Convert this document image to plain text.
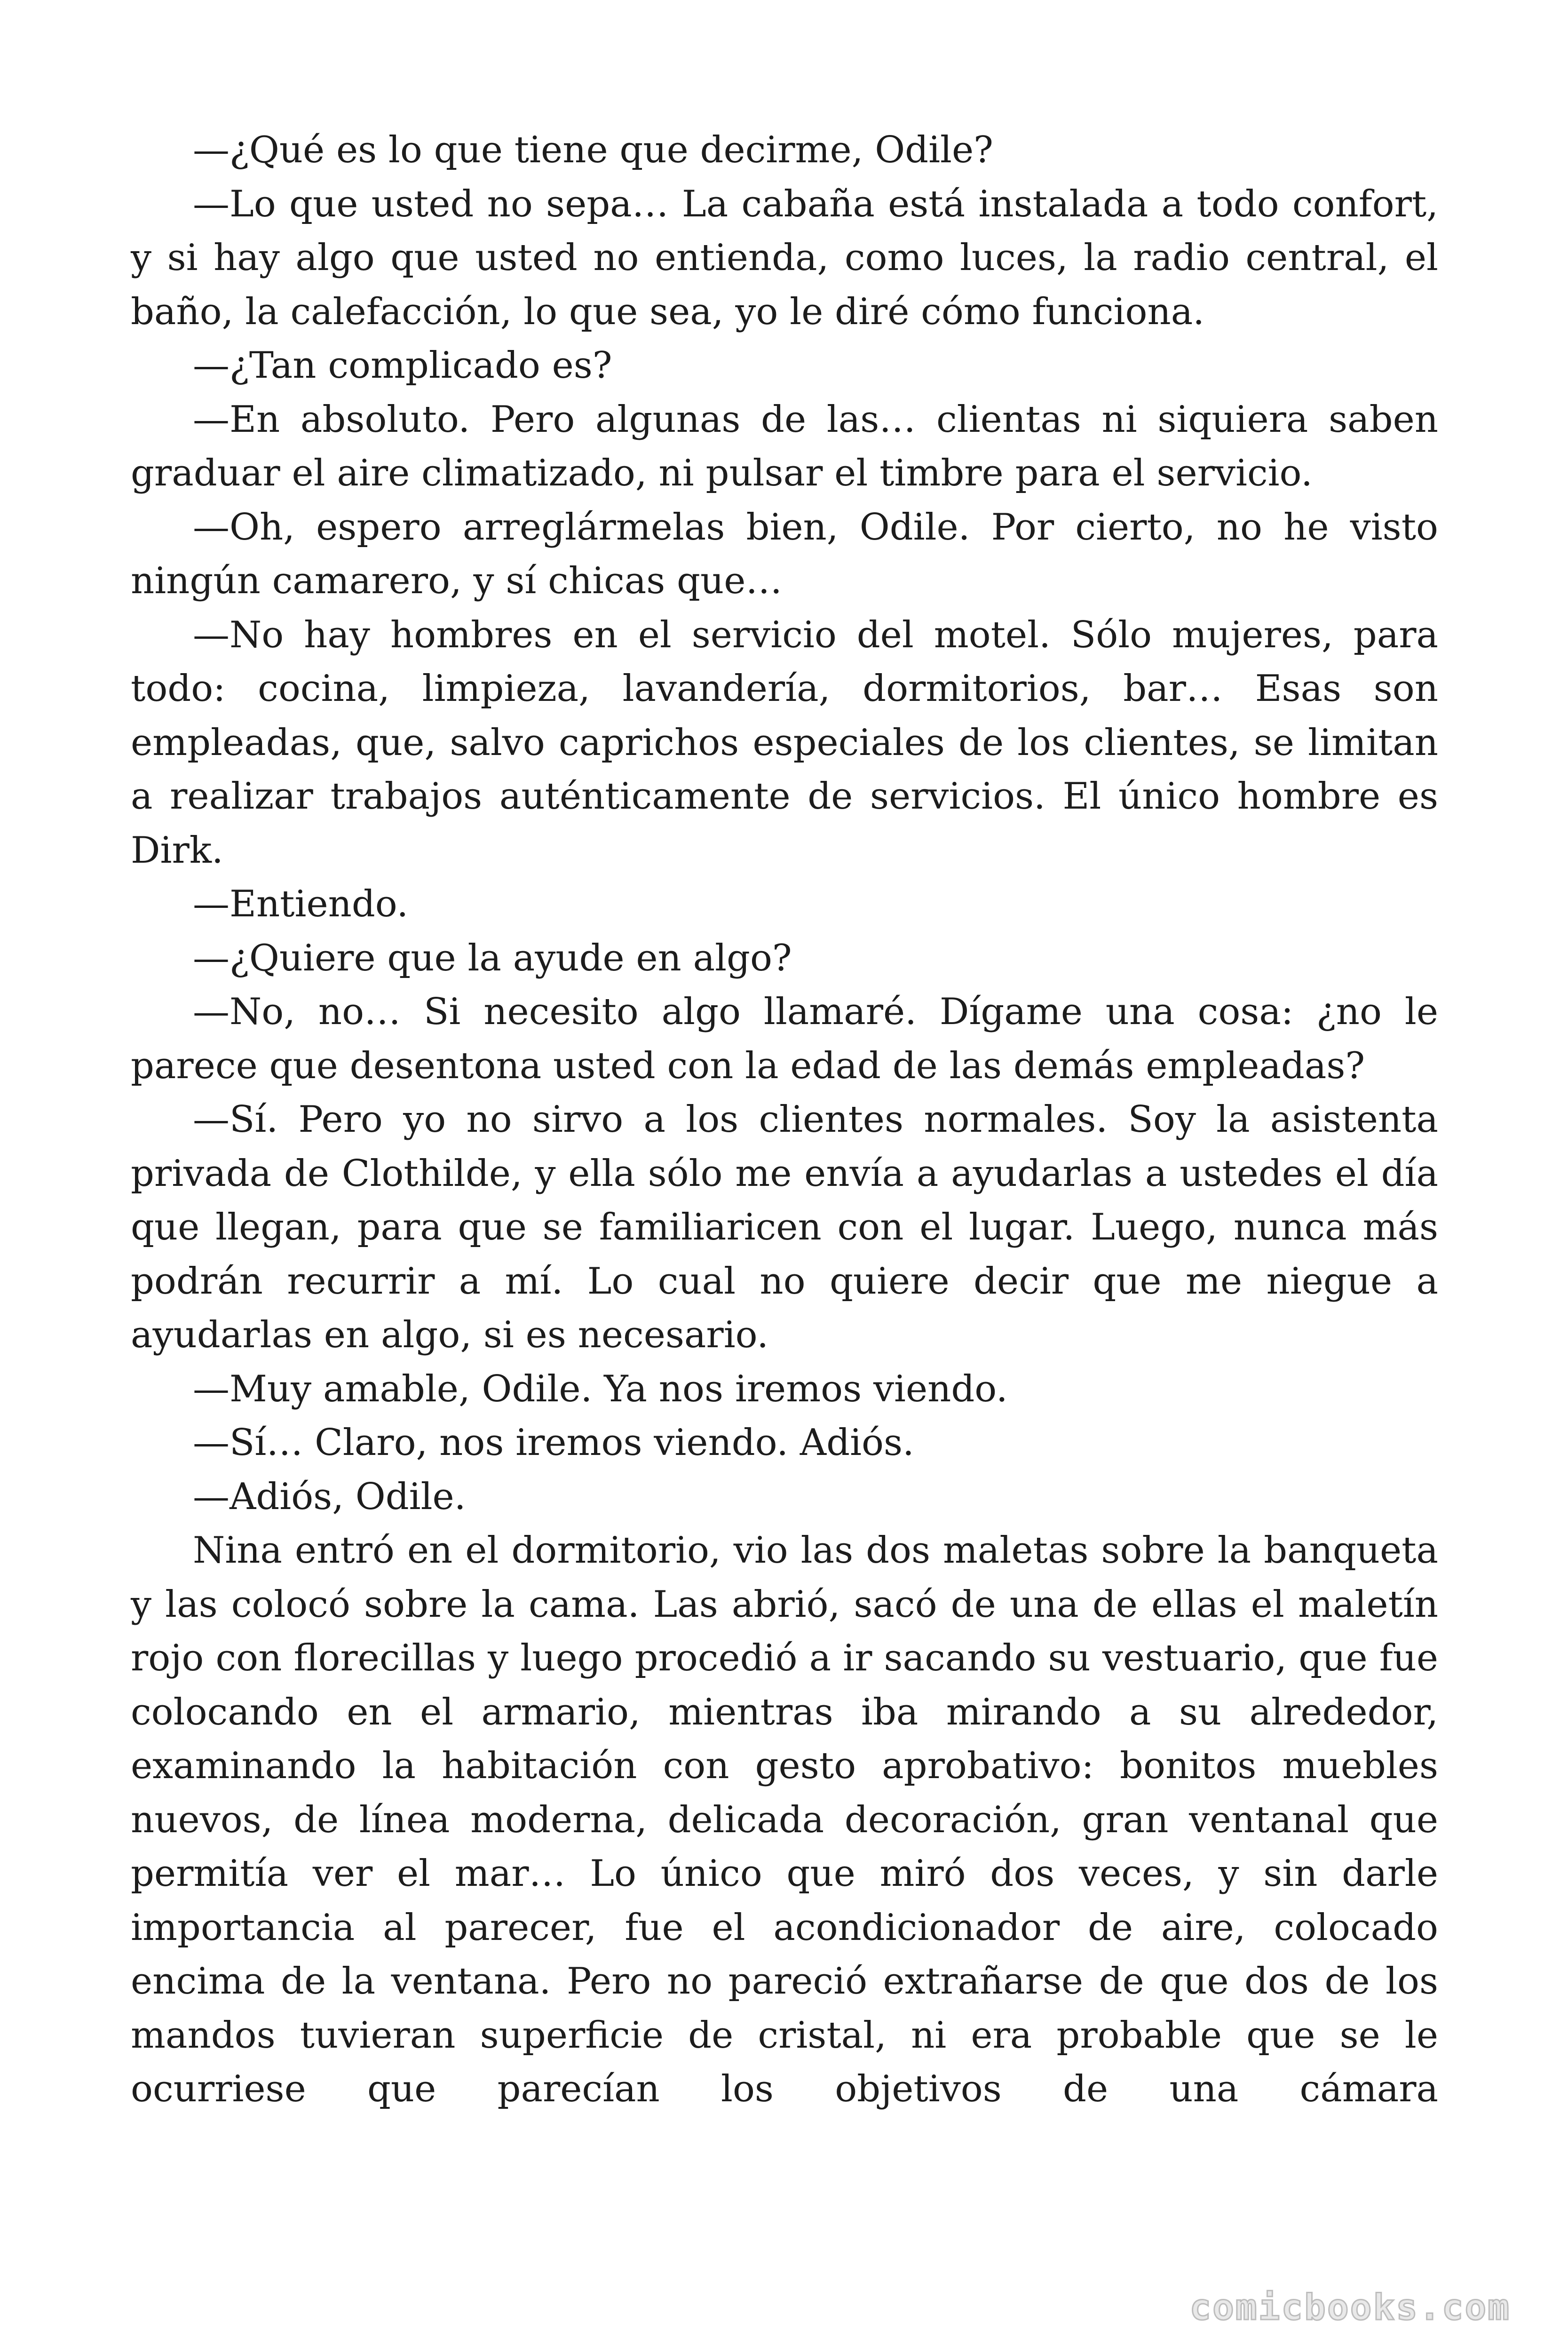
—¿Qué es lo que tiene que decirme, Odile?

—Lo que usted no sepa… La cabaña está instalada a todo confort, y si hay algo que usted no entienda, como luces, la radio central, el baño, la calefacción, lo que sea, yo le diré cómo funciona.

—¿Tan complicado es?

—En absoluto. Pero algunas de las… clientas ni siquiera saben graduar el aire climatizado, ni pulsar el timbre para el servicio.

—Oh, espero arreglármelas bien, Odile. Por cierto, no he visto ningún camarero, y sí chicas que…

—No hay hombres en el servicio del motel. Sólo mujeres, para todo: cocina, limpieza, lavandería, dormitorios, bar… Esas son empleadas, que, salvo caprichos especiales de los clientes, se limitan a realizar trabajos auténticamente de servicios. El único hombre es Dirk.

—Entiendo.

—¿Quiere que la ayude en algo?

—No, no… Si necesito algo llamaré. Dígame una cosa: ¿no le parece que desentona usted con la edad de las demás empleadas?

—Sí. Pero yo no sirvo a los clientes normales. Soy la asistenta privada de Clothilde, y ella sólo me envía a ayudarlas a ustedes el día que llegan, para que se familiaricen con el lugar. Luego, nunca más podrán recurrir a mí. Lo cual no quiere decir que me niegue a ayudarlas en algo, si es necesario.

—Muy amable, Odile. Ya nos iremos viendo.

—Sí… Claro, nos iremos viendo. Adiós.

—Adiós, Odile.

Nina entró en el dormitorio, vio las dos maletas sobre la banqueta y las colocó sobre la cama. Las abrió, sacó de una de ellas el maletín rojo con florecillas y luego procedió a ir sacando su vestuario, que fue colocando en el armario, mientras iba mirando a su alrededor, examinando la habitación con gesto aprobativo: bonitos muebles nuevos, de línea moderna, delicada decoración, gran ventanal que permitía ver el mar… Lo único que miró dos veces, y sin darle importancia al parecer, fue el acondicionador de aire, colocado encima de la ventana. Pero no pareció extrañarse de que dos de los mandos tuvieran superficie de cristal, ni era probable que se le ocurriese que parecían los objetivos de una cámara

comicbooks.com
